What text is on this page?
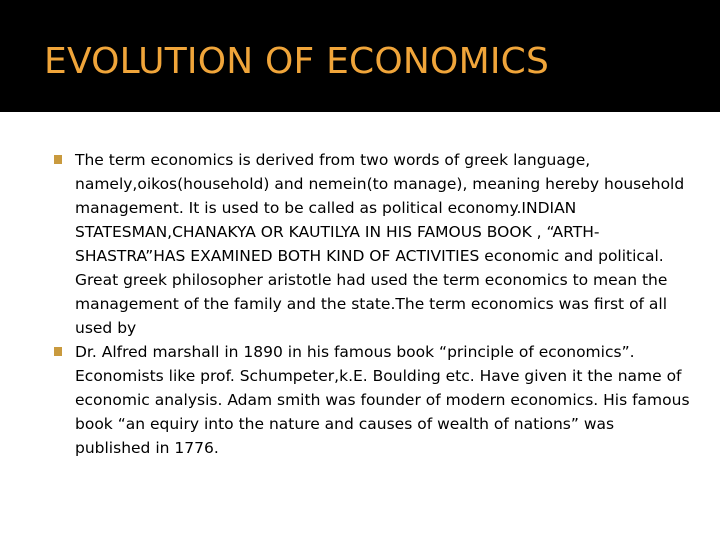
EVOLUTION OF ECONOMICS
The term economics is derived from two words of greek language, namely,oikos(household) and nemein(to manage), meaning hereby household management. It is used to be called as political economy.INDIAN STATESMAN,CHANAKYA OR KAUTILYA IN HIS FAMOUS BOOK , “ARTH-SHASTRA”HAS EXAMINED BOTH KIND OF ACTIVITIES economic and political. Great greek philosopher aristotle had used the term economics to mean the management of the family and the state.The term economics was first of all used by
Dr. Alfred marshall in 1890 in his famous book “principle of economics”. Economists like prof. Schumpeter,k.E. Boulding etc. Have given it the name of economic analysis. Adam smith was founder of modern economics. His famous book “an equiry into the nature and causes of wealth of nations” was published in 1776.
